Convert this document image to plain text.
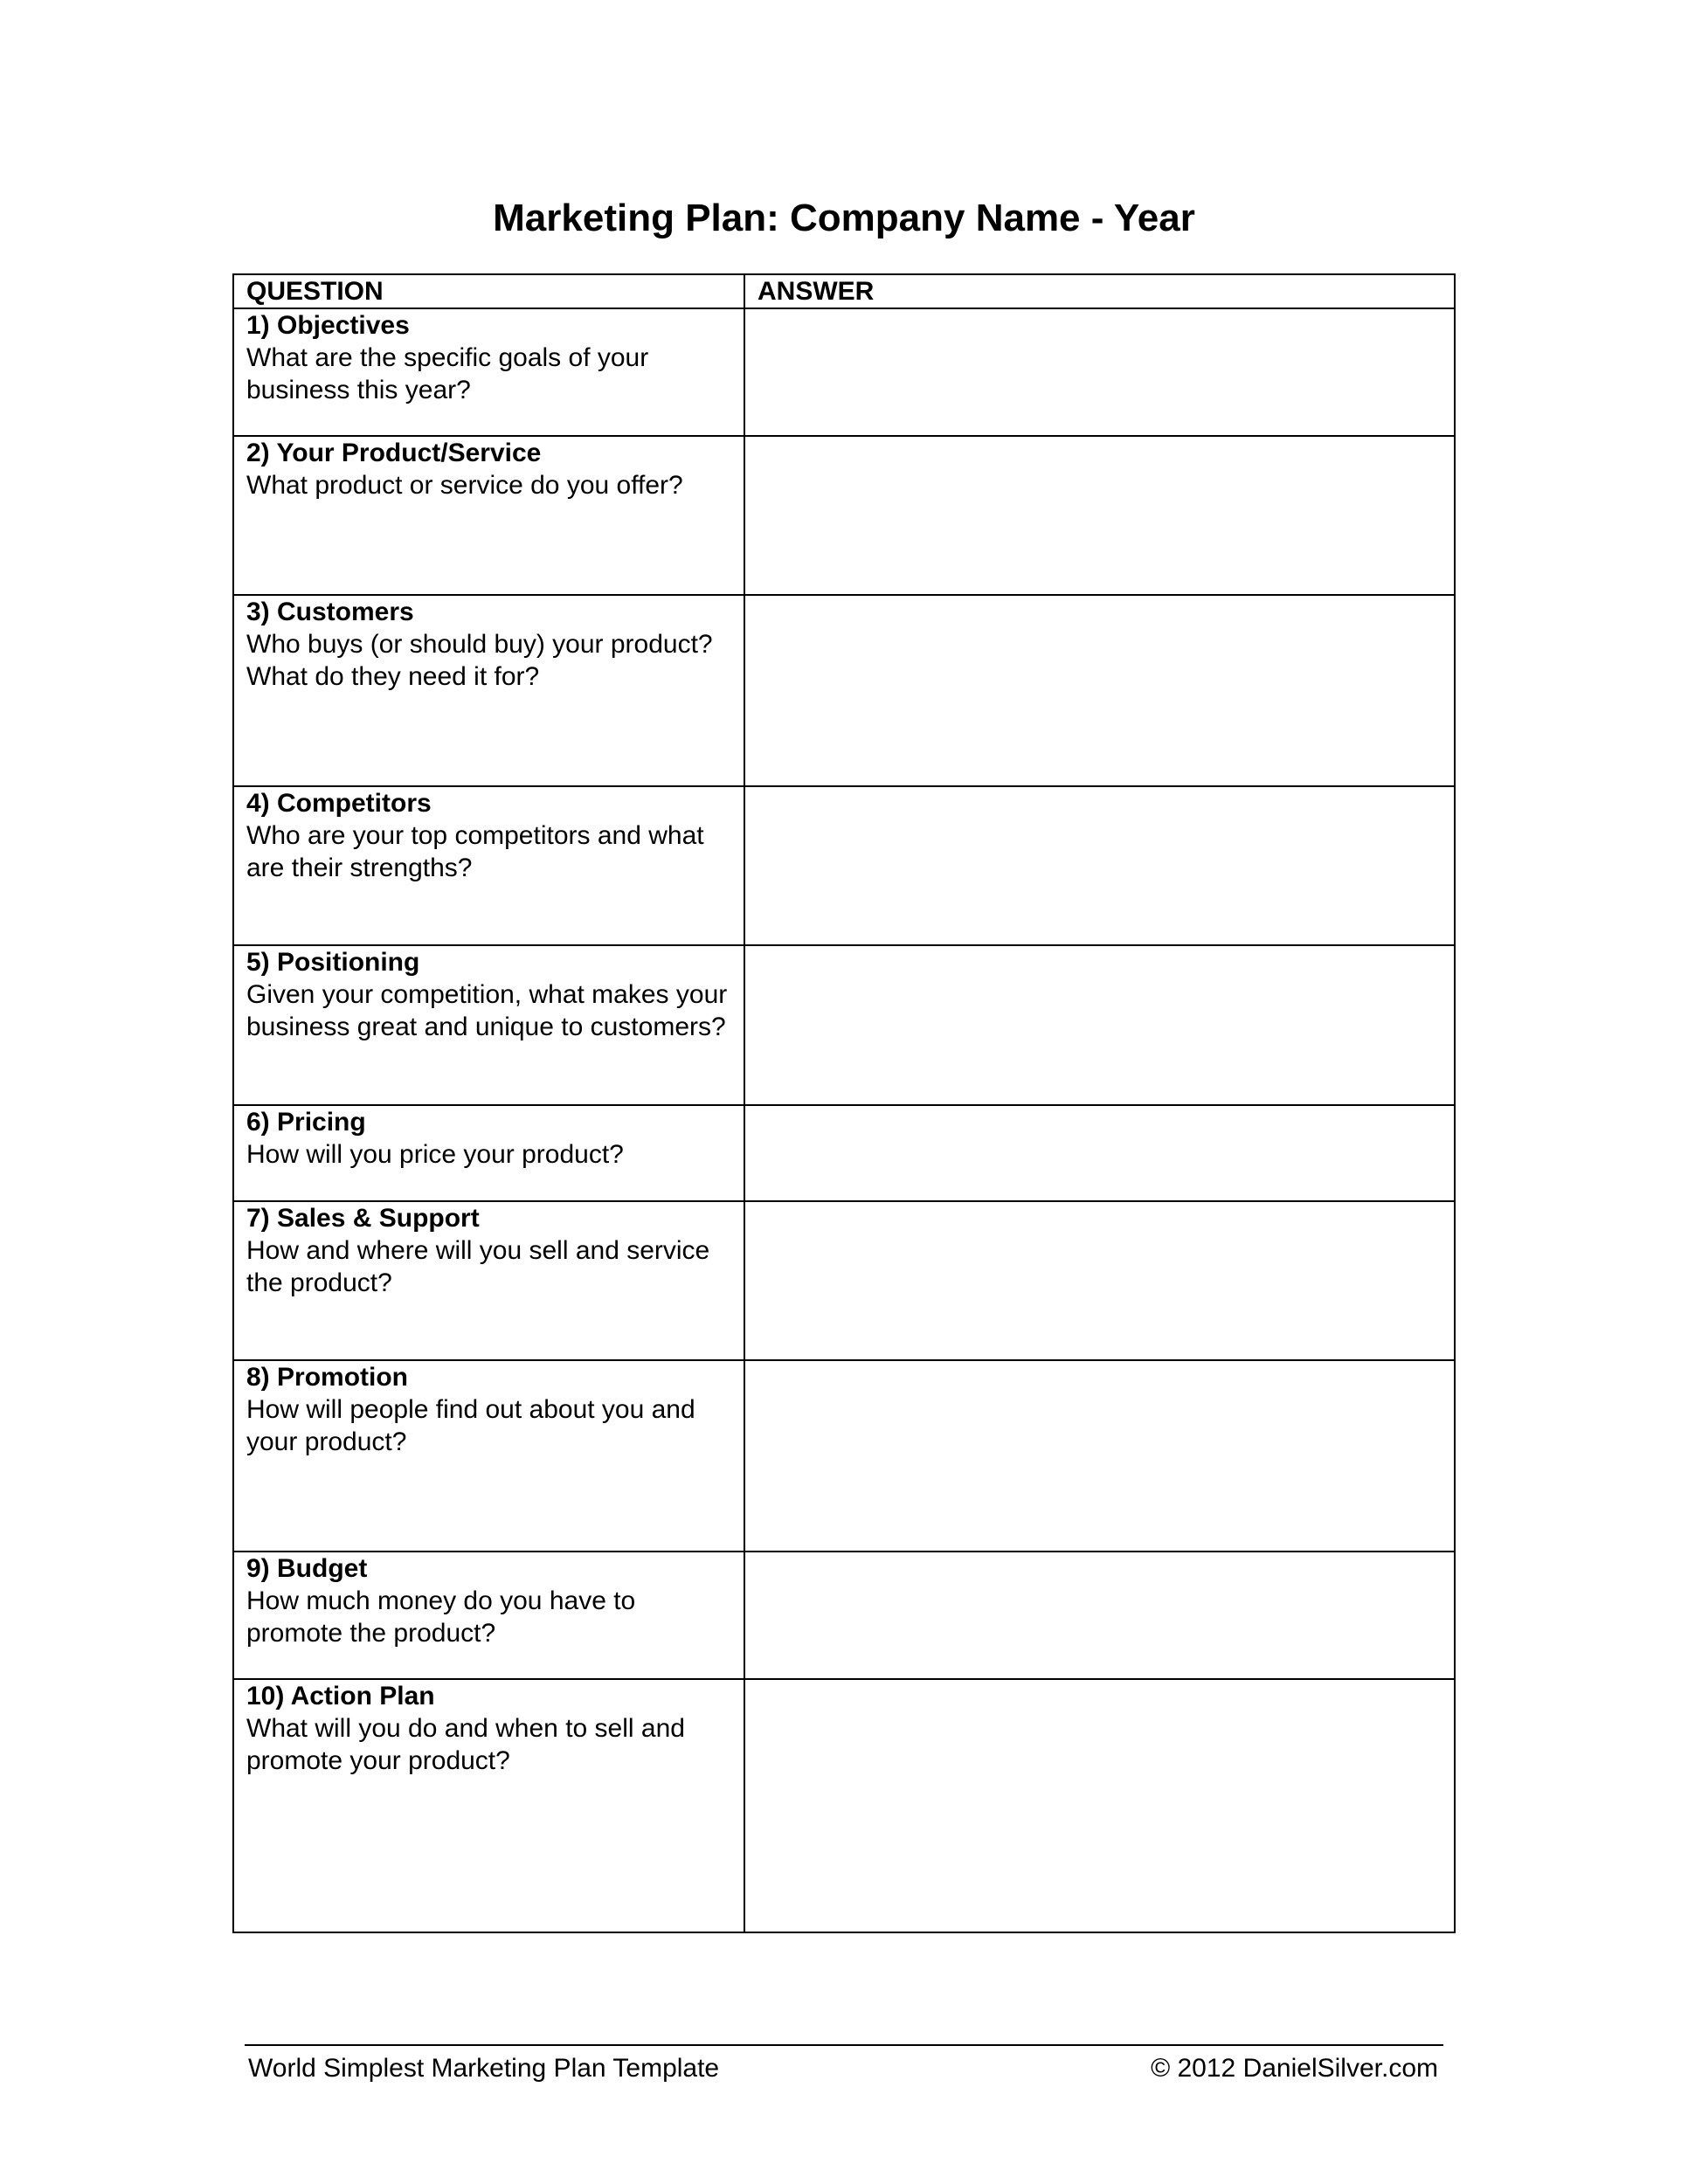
Marketing Plan: Company Name - Year
QUESTION	ANSWER

1) Objectives
What are the specific goals of your business this year?	

2) Your Product/Service
What product or service do you offer?	

3) Customers
Who buys (or should buy) your product? What do they need it for?	

4) Competitors
Who are your top competitors and what are their strengths?	

5) Positioning
Given your competition, what makes your business great and unique to customers?	

6) Pricing
How will you price your product?	

7) Sales & Support
How and where will you sell and service the product?	

8) Promotion
How will people find out about you and your product?	

9) Budget
How much money do you have to promote the product?	

10) Action Plan
What will you do and when to sell and promote your product?	

World Simplest Marketing Plan Template	© 2012 DanielSilver.com
